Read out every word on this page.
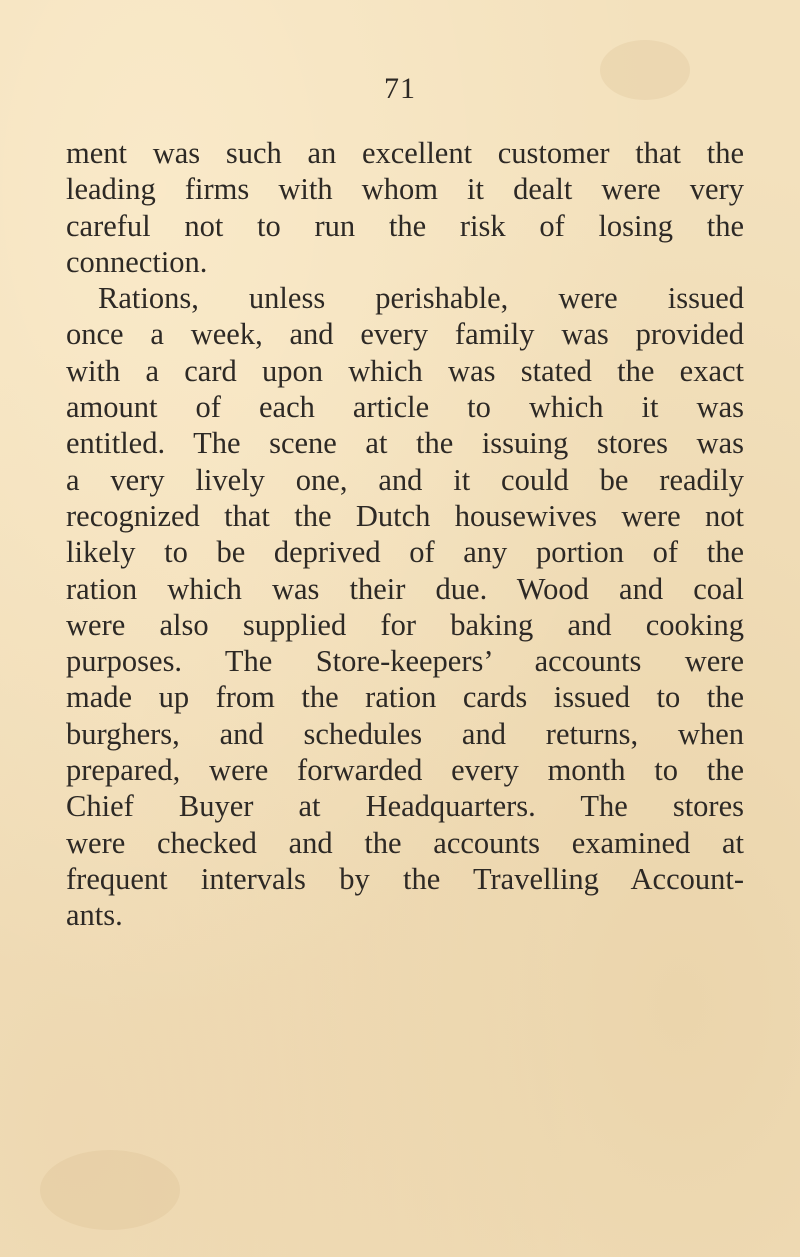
71

ment was such an excellent customer that the
leading firms with whom it dealt were very
careful not to run the risk of losing the
connection.
Rations, unless perishable, were issued
once a week, and every family was provided
with a card upon which was stated the exact
amount of each article to which it was
entitled. The scene at the issuing stores was
a very lively one, and it could be readily
recognized that the Dutch housewives were not
likely to be deprived of any portion of the
ration which was their due. Wood and coal
were also supplied for baking and cooking
purposes. The Store-keepers’ accounts were
made up from the ration cards issued to the
burghers, and schedules and returns, when
prepared, were forwarded every month to the
Chief Buyer at Headquarters. The stores
were checked and the accounts examined at
frequent intervals by the Travelling Account-
ants.
